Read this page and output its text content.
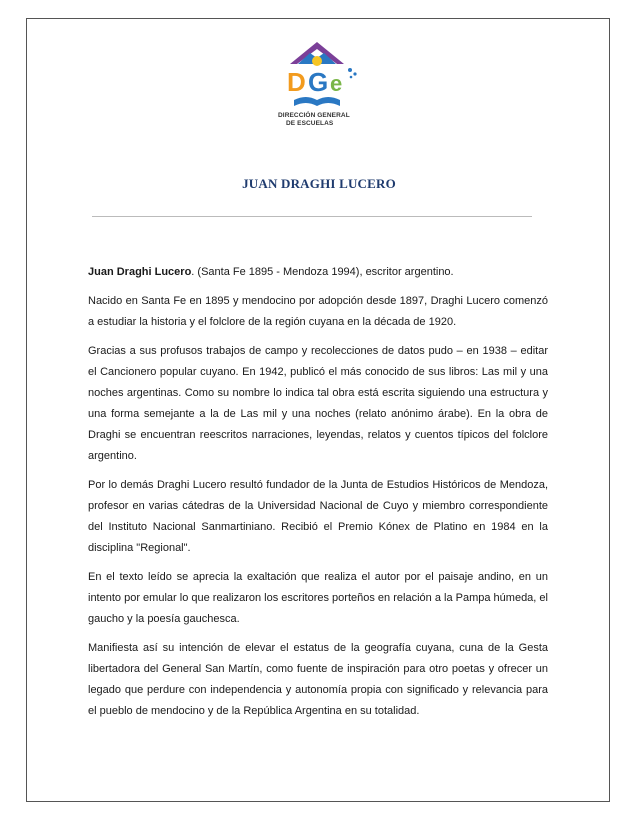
D G e
DIRECCIÓN GENERAL
DE ESCUELAS
JUAN DRAGHI LUCERO

Juan Draghi Lucero. (Santa Fe 1895 - Mendoza 1994), escritor argentino.

Nacido en Santa Fe en 1895 y mendocino por adopción desde 1897, Draghi Lucero comenzó a estudiar la historia y el folclore de la región cuyana en la década de 1920.

Gracias a sus profusos trabajos de campo y recolecciones de datos pudo – en 1938 – editar el Cancionero popular cuyano. En 1942, publicó el más conocido de sus libros: Las mil y una noches argentinas. Como su nombre lo indica tal obra está escrita siguiendo una estructura y una forma semejante a la de Las mil y una noches (relato anónimo árabe). En la obra de Draghi se encuentran reescritos narraciones, leyendas, relatos y cuentos típicos del folclore argentino.

Por lo demás Draghi Lucero resultó fundador de la Junta de Estudios Históricos de Mendoza, profesor en varias cátedras de la Universidad Nacional de Cuyo y miembro correspondiente del Instituto Nacional Sanmartiniano. Recibió el Premio Kónex de Platino en 1984 en la disciplina "Regional".

En el texto leído se aprecia la exaltación que realiza el autor por el paisaje andino, en un intento por emular lo que realizaron los escritores porteños en relación a la Pampa húmeda, el gaucho y la poesía gauchesca.

Manifiesta así su intención de elevar el estatus de la geografía cuyana, cuna de la Gesta libertadora del General San Martín, como fuente de inspiración para otro poetas y ofrecer un legado que perdure con independencia y autonomía propia con significado y relevancia para el pueblo de mendocino y de la República Argentina en su totalidad.
